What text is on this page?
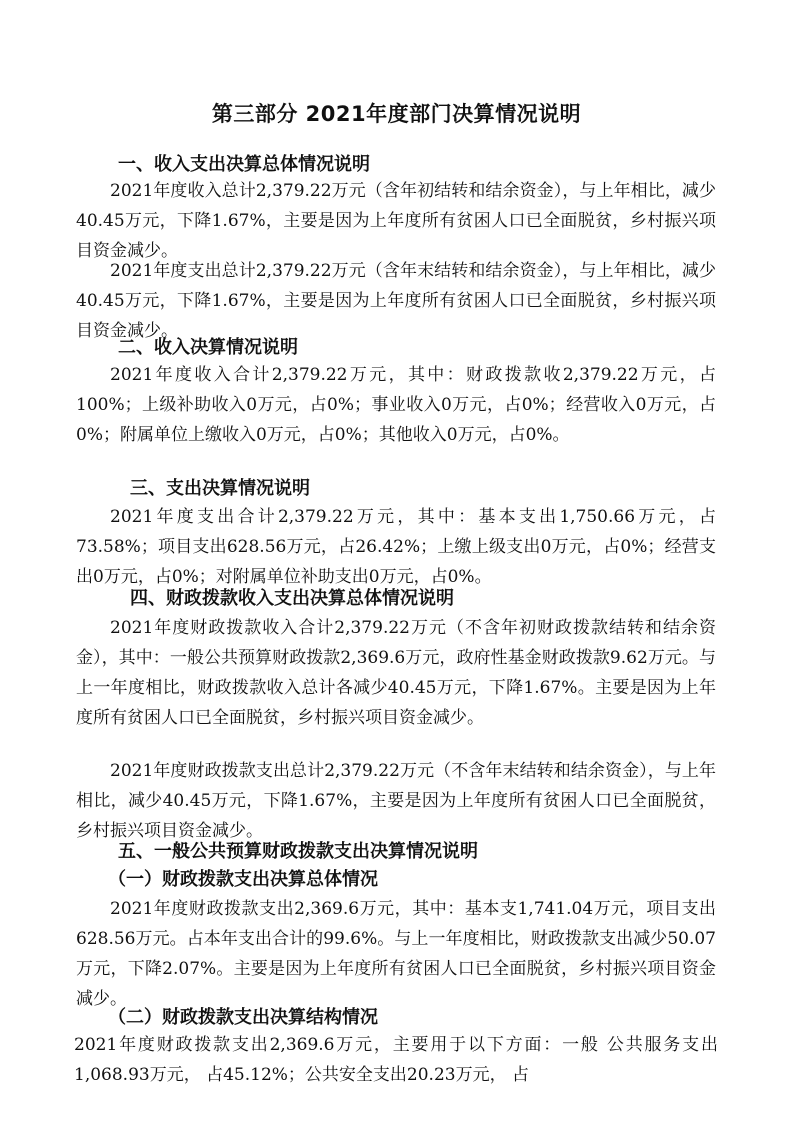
第三部分 2021年度部门决算情况说明
一、收入支出决算总体情况说明
2021年度收入总计2,379.22万元（含年初结转和结余资金），与上年相比，减少40.45万元，下降1.67%，主要是因为上年度所有贫困人口已全面脱贫，乡村振兴项目资金减少。
2021年度支出总计2,379.22万元（含年末结转和结余资金），与上年相比，减少40.45万元，下降1.67%，主要是因为上年度所有贫困人口已全面脱贫，乡村振兴项目资金减少。
二、收入决算情况说明
2021年度收入合计2,379.22万元，其中：财政拨款收2,379.22万元，占100%；上级补助收入0万元，占0%；事业收入0万元，占0%；经营收入0万元，占0%；附属单位上缴收入0万元，占0%；其他收入0万元，占0%。
三、支出决算情况说明
2021年度支出合计2,379.22万元，其中：基本支出1,750.66万元，占73.58%；项目支出628.56万元，占26.42%；上缴上级支出0万元，占0%；经营支出0万元，占0%；对附属单位补助支出0万元，占0%。
四、财政拨款收入支出决算总体情况说明
2021年度财政拨款收入合计2,379.22万元（不含年初财政拨款结转和结余资金），其中：一般公共预算财政拨款2,369.6万元，政府性基金财政拨款9.62万元。与上一年度相比，财政拨款收入总计各减少40.45万元，下降1.67%。主要是因为上年度所有贫困人口已全面脱贫，乡村振兴项目资金减少。
2021年度财政拨款支出总计2,379.22万元（不含年末结转和结余资金），与上年相比，减少40.45万元，下降1.67%，主要是因为上年度所有贫困人口已全面脱贫，乡村振兴项目资金减少。
五、一般公共预算财政拨款支出决算情况说明
（一）财政拨款支出决算总体情况
2021年度财政拨款支出2,369.6万元，其中：基本支1,741.04万元，项目支出628.56万元。占本年支出合计的99.6%。与上一年度相比，财政拨款支出减少50.07万元，下降2.07%。主要是因为上年度所有贫困人口已全面脱贫，乡村振兴项目资金减少。
（二）财政拨款支出决算结构情况
2021年度财政拨款支出2,369.6万元，主要用于以下方面：一般 公共服务支出1,068.93万元， 占45.12%；公共安全支出20.23万元， 占
